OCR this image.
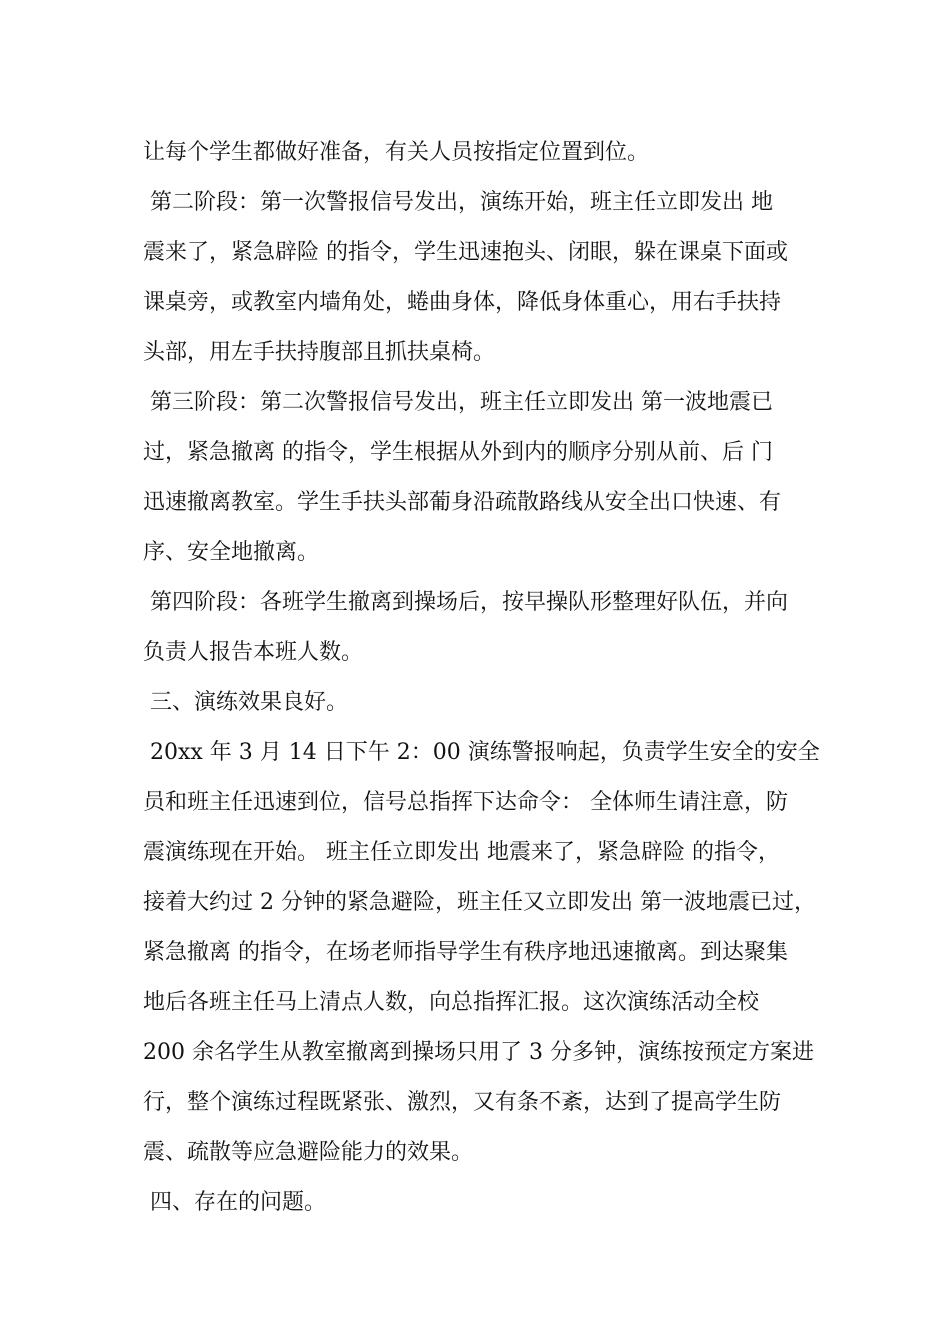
让每个学生都做好准备，有关人员按指定位置到位。
第二阶段：第一次警报信号发出，演练开始，班主任立即发出 地
震来了，紧急辟险 的指令，学生迅速抱头、闭眼，躲在课桌下面或
课桌旁，或教室内墙角处，蜷曲身体，降低身体重心，用右手扶持
头部，用左手扶持腹部且抓扶桌椅。
第三阶段：第二次警报信号发出，班主任立即发出 第一波地震已
过，紧急撤离 的指令，学生根据从外到内的顺序分别从前、后 门
迅速撤离教室。学生手扶头部葡身沿疏散路线从安全出口快速、有
序、安全地撤离。
第四阶段：各班学生撤离到操场后，按早操队形整理好队伍，并向
负责人报告本班人数。
三、演练效果良好。
20xx 年 3 月 14 日下午 2：00 演练警报响起，负责学生安全的安全
员和班主任迅速到位，信号总指挥下达命令： 全体师生请注意，防
震演练现在开始。 班主任立即发出 地震来了，紧急辟险 的指令，
接着大约过 2 分钟的紧急避险，班主任又立即发出 第一波地震已过，
紧急撤离 的指令，在场老师指导学生有秩序地迅速撤离。到达聚集
地后各班主任马上清点人数，向总指挥汇报。这次演练活动全校
200 余名学生从教室撤离到操场只用了 3 分多钟，演练按预定方案进
行，整个演练过程既紧张、激烈，又有条不紊，达到了提高学生防
震、疏散等应急避险能力的效果。
四、存在的问题。
